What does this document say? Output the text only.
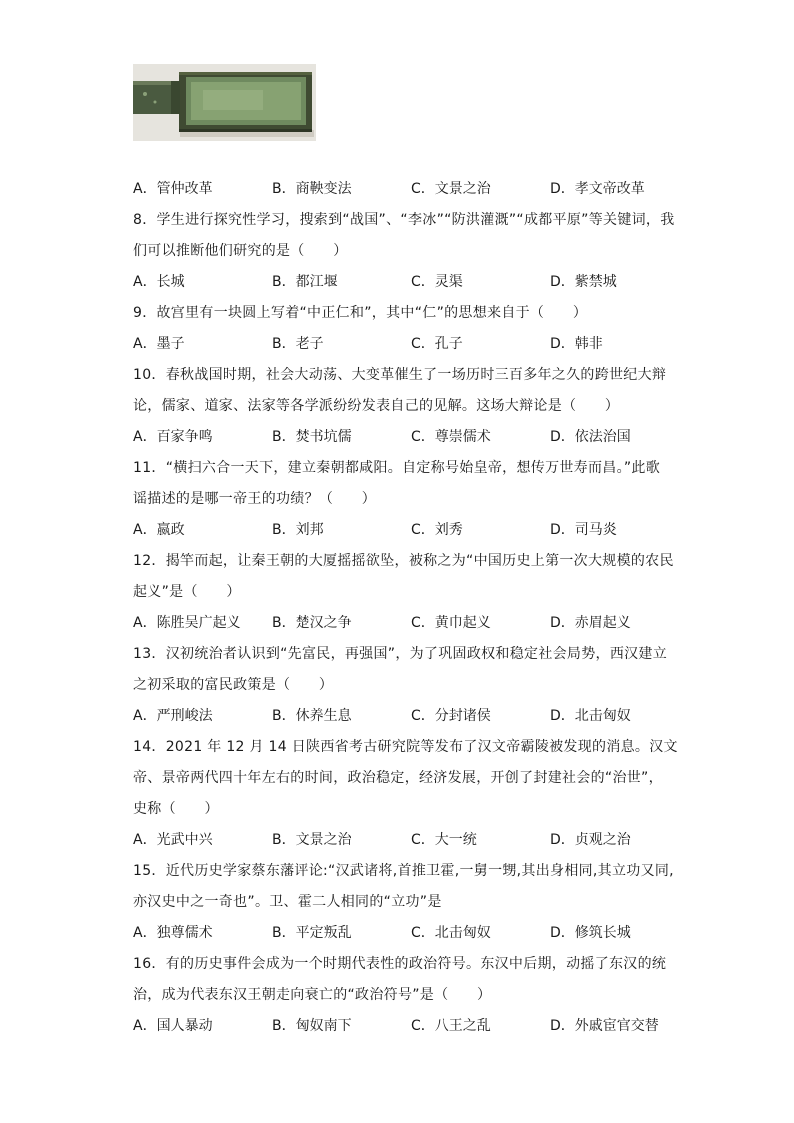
A．管仲改革	B．商鞅变法	C．文景之治	D．孝文帝改革
8．学生进行探究性学习，搜索到“战国”、“李冰”“防洪灌溉”“成都平原”等关键词，我
们可以推断他们研究的是（　　）
A．长城	B．都江堰	C．灵渠	D．紫禁城
9．故宫里有一块圆上写着“中正仁和”，其中“仁”的思想来自于（　　）
A．墨子	B．老子	C．孔子	D．韩非
10．春秋战国时期，社会大动荡、大变革催生了一场历时三百多年之久的跨世纪大辩
论，儒家、道家、法家等各学派纷纷发表自己的见解。这场大辩论是（　　）
A．百家争鸣	B．焚书坑儒	C．尊崇儒术	D．依法治国
11．“横扫六合一天下，建立秦朝都咸阳。自定称号始皇帝，想传万世寿而昌。”此歌
谣描述的是哪一帝王的功绩？（　　）
A．嬴政	B．刘邦	C．刘秀	D．司马炎
12．揭竿而起，让秦王朝的大厦摇摇欲坠，被称之为“中国历史上第一次大规模的农民
起义”是（　　）
A．陈胜吴广起义	B．楚汉之争	C．黄巾起义	D．赤眉起义
13．汉初统治者认识到“先富民，再强国”，为了巩固政权和稳定社会局势，西汉建立
之初采取的富民政策是（　　）
A．严刑峻法	B．休养生息	C．分封诸侯	D．北击匈奴
14．2021 年 12 月 14 日陕西省考古研究院等发布了汉文帝霸陵被发现的消息。汉文
帝、景帝两代四十年左右的时间，政治稳定，经济发展，开创了封建社会的“治世”，
史称（　　）
A．光武中兴	B．文景之治	C．大一统	D．贞观之治
15．近代历史学家蔡东藩评论:“汉武诸将,首推卫霍,一舅一甥,其出身相同,其立功又同,
亦汉史中之一奇也”。卫、霍二人相同的“立功”是
A．独尊儒术	B．平定叛乱	C．北击匈奴	D．修筑长城
16．有的历史事件会成为一个时期代表性的政治符号。东汉中后期，动摇了东汉的统
治，成为代表东汉王朝走向衰亡的“政治符号”是（　　）
A．国人暴动	B．匈奴南下	C．八王之乱	D．外戚宦官交替
